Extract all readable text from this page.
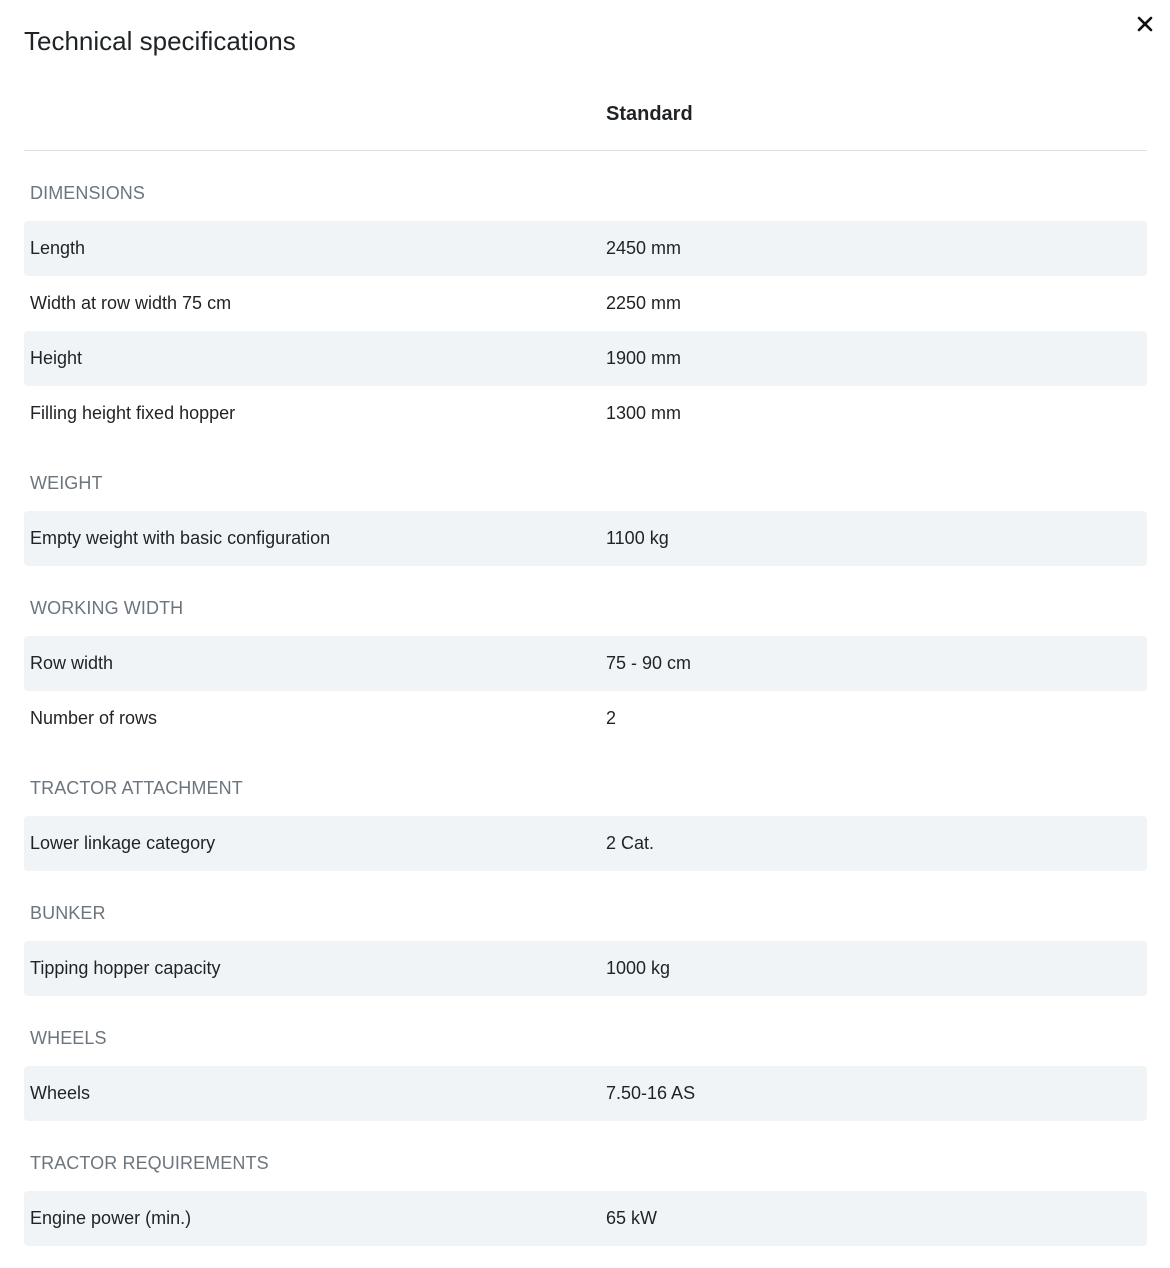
Technical specifications
Standard
DIMENSIONS
Length	2450 mm
Width at row width 75 cm	2250 mm
Height	1900 mm
Filling height fixed hopper	1300 mm
WEIGHT
Empty weight with basic configuration	1100 kg
WORKING WIDTH
Row width	75 - 90 cm
Number of rows	2
TRACTOR ATTACHMENT
Lower linkage category	2 Cat.
BUNKER
Tipping hopper capacity	1000 kg
WHEELS
Wheels	7.50-16 AS
TRACTOR REQUIREMENTS
Engine power (min.)	65 kW
